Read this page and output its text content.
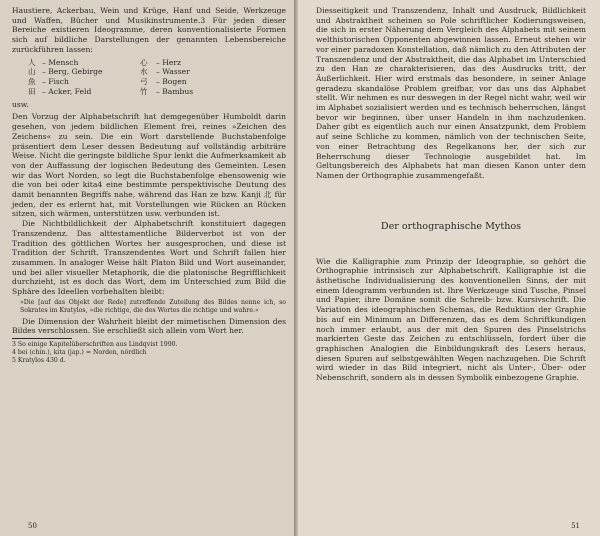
Haustiere, Ackerbau, Wein und Krüge, Hanf und Seide, Werkzeuge und Waffen, Bücher und Musikinstrumente.3 Für jeden dieser Bereiche existieren Ideogramme, deren konventionalisierte Formen sich auf bildliche Darstellungen der genannten Lebensbereiche zurückführen lassen:

人 – Mensch	心	– Herz
山 – Berg, Gebirge	水	– Wasser
魚 – Fisch	弓	– Bogen
田 – Acker, Feld	竹	– Bambus

usw.

Den Vorzug der Alphabetschrift hat demgegenüber Humboldt darin gesehen, von jedem bildlichen Element frei, reines »Zeichen des Zeichens« zu sein. Die ein Wort darstellende Buchstabenfolge präsentiert dem Leser dessen Bedeutung auf vollständig arbiträre Weise. Nicht die geringste bildliche Spur lenkt die Aufmerksamkeit ab von der Auffassung der logischen Bedeutung des Gemeinten. Lesen wir das Wort Norden, so legt die Buchstabenfolge ebensowenig wie die von bei oder kita4 eine bestimmte perspektivische Deutung des damit benannten Begriffs nahe, während das Han ze bzw. Kanji 北 für jeden, der es erlernt hat, mit Vorstellungen wie Rücken an Rücken sitzen, sich wärmen, unterstützen usw. verbunden ist.

Die Nichtbildlichkeit der Alphabetschrift konstituiert dagegen Transzendenz. Das alttestamentliche Bilderverbot ist von der Tradition des göttlichen Wortes her ausgesprochen, und diese ist Tradition der Schrift. Transzendentes Wort und Schrift fallen hier zusammen. In analoger Weise hält Platon Bild und Wort auseinander, und bei aller visueller Metaphorik, die die platonische Begrifflichkeit durchzieht, ist es doch das Wort, dem im Unterschied zum Bild die Sphäre des Ideellen vorbehalten bleibt:

»Die [auf das Objekt der Rede] zutreffende Zuteilung des Bildes nenne ich, so Sokrates im Kratylos, »die richtige, die des Wortes die richtige und wahre.«

Die Dimension der Wahrheit bleibt der mimetischen Dimension des Bildes verschlossen. Sie erschließt sich allein vom Wort her.

3 So einige Kapitelüberschriften aus Lindqvist 1990.
4 bei (chin.), kita (jap.) = Norden, nördlich
5 Kratylos 430 d.
50

Diesseitigkeit und Transzendenz, Inhalt und Ausdruck, Bildlichkeit und Abstraktheit scheinen so Pole schriftlicher Kodierungsweisen, die sich in erster Näherung dem Vergleich des Alphabets mit seinem welthistorischen Opponenten abgewinnen lassen. Erneut stehen wir vor einer paradoxen Konstellation, daß nämlich zu den Attributen der Transzendenz und der Abstraktheit, die das Alphabet im Unterschied zu den Han ze charakterisieren, das des Ausdrucks tritt, der Äußerlichkeit. Hier wird erstmals das besondere, in seiner Anlage geradezu skandalöse Problem greifbar, vor das uns das Alphabet stellt. Wir nehmen es nur deswegen in der Regel nicht wahr, weil wir im Alphabet sozialisiert werden und es technisch beherrschen, längst bevor wir beginnen, über unser Handeln in ihm nachzudenken. Daher gibt es eigentlich auch nur einen Ansatzpunkt, dem Problem auf seine Schliche zu kommen, nämlich von der technischen Seite, von einer Betrachtung des Regelkanons her, der sich zur Beherrschung dieser Technologie ausgebildet hat. Im Geltungsbereich des Alphabets hat man diesen Kanon unter dem Namen der Orthographie zusammengefaßt.

Der orthographische Mythos

Wie die Kalligraphie zum Prinzip der Ideographie, so gehört die Orthographie intrinsisch zur Alphabetschrift. Kalligraphie ist die ästhetische Individualisierung des konventionellen Sinns, der mit einem Ideogramm verbunden ist. Ihre Werkzeuge sind Tusche, Pinsel und Papier, ihre Domäne somit die Schreib- bzw. Kursivschrift. Die Variation des ideographischen Schemas, die Reduktion der Graphie bis auf ein Minimum an Differenzen, das es dem Schriftkundigen noch immer erlaubt, aus der mit den Spuren des Pinselstrichs markierten Geste das Zeichen zu entschlüsseln, fordert über die graphischen Analogien die Einbildungskraft des Lesers heraus, diesen Spuren auf selbstgewählten Wegen nachzugehen. Die Schrift wird wieder in das Bild integriert, nicht als Unter-, Über- oder Nebenschrift, sondern als in dessen Symbolik einbezogene Graphie.

51
